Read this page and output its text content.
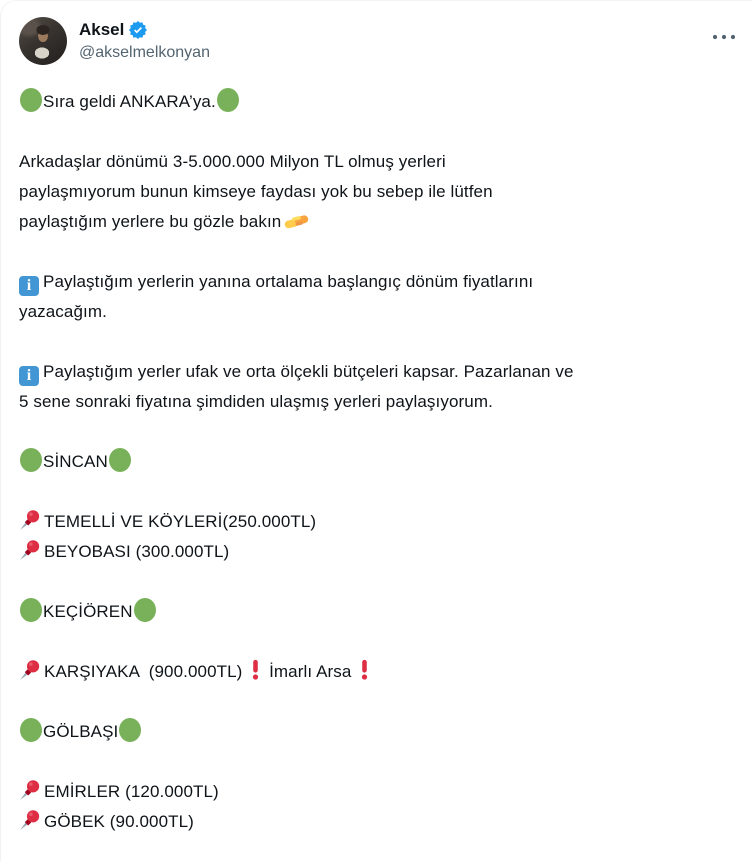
Aksel
@akselmelkonyan

Sıra geldi ANKARA’ya.

Arkadaşlar dönümü 3-5.000.000 Milyon TL olmuş yerleri
paylaşmıyorum bunun kimseye faydası yok bu sebep ile lütfen
paylaştığım yerlere bu gözle bakın

i Paylaştığım yerlerin yanına ortalama başlangıç dönüm fiyatlarını
yazacağım.

i Paylaştığım yerler ufak ve orta ölçekli bütçeleri kapsar. Pazarlanan ve
5 sene sonraki fiyatına şimdiden ulaşmış yerleri paylaşıyorum.

SİNCAN

TEMELLİ VE KÖYLERİ(250.000TL)
BEYOBASI (300.000TL)

KEÇİÖREN

KARŞIYAKA  (900.000TL)
İmarlı Arsa

GÖLBAŞI

EMİRLER (120.000TL)
GÖBEK (90.000TL)
